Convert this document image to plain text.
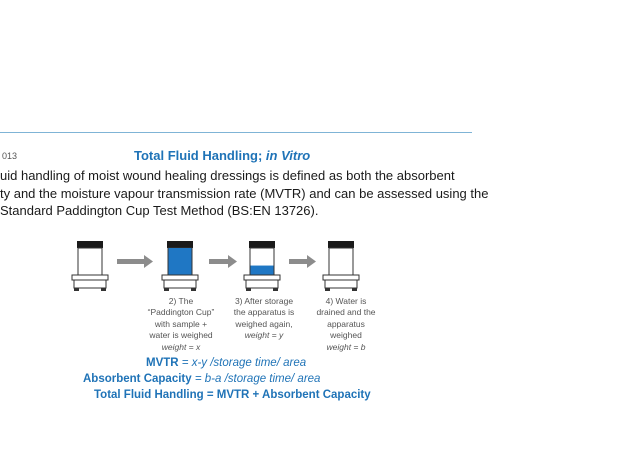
013	Total Fluid Handling; in Vitro
uid handling of moist wound healing dressings is defined as both the absorbent
ty and the moisture vapour transmission rate (MVTR) and can be assessed using the
Standard Paddington Cup Test Method (BS:EN 13726).
2) The
“Paddington Cup”
with sample +
water is weighed
weight = x
3) After storage
the apparatus is
weighed again,
weight = y
4) Water is
drained and the
apparatus
weighed
weight = b
MVTR = x-y /storage time/ area
Absorbent Capacity = b-a /storage time/ area
Total Fluid Handling = MVTR + Absorbent Capacity
